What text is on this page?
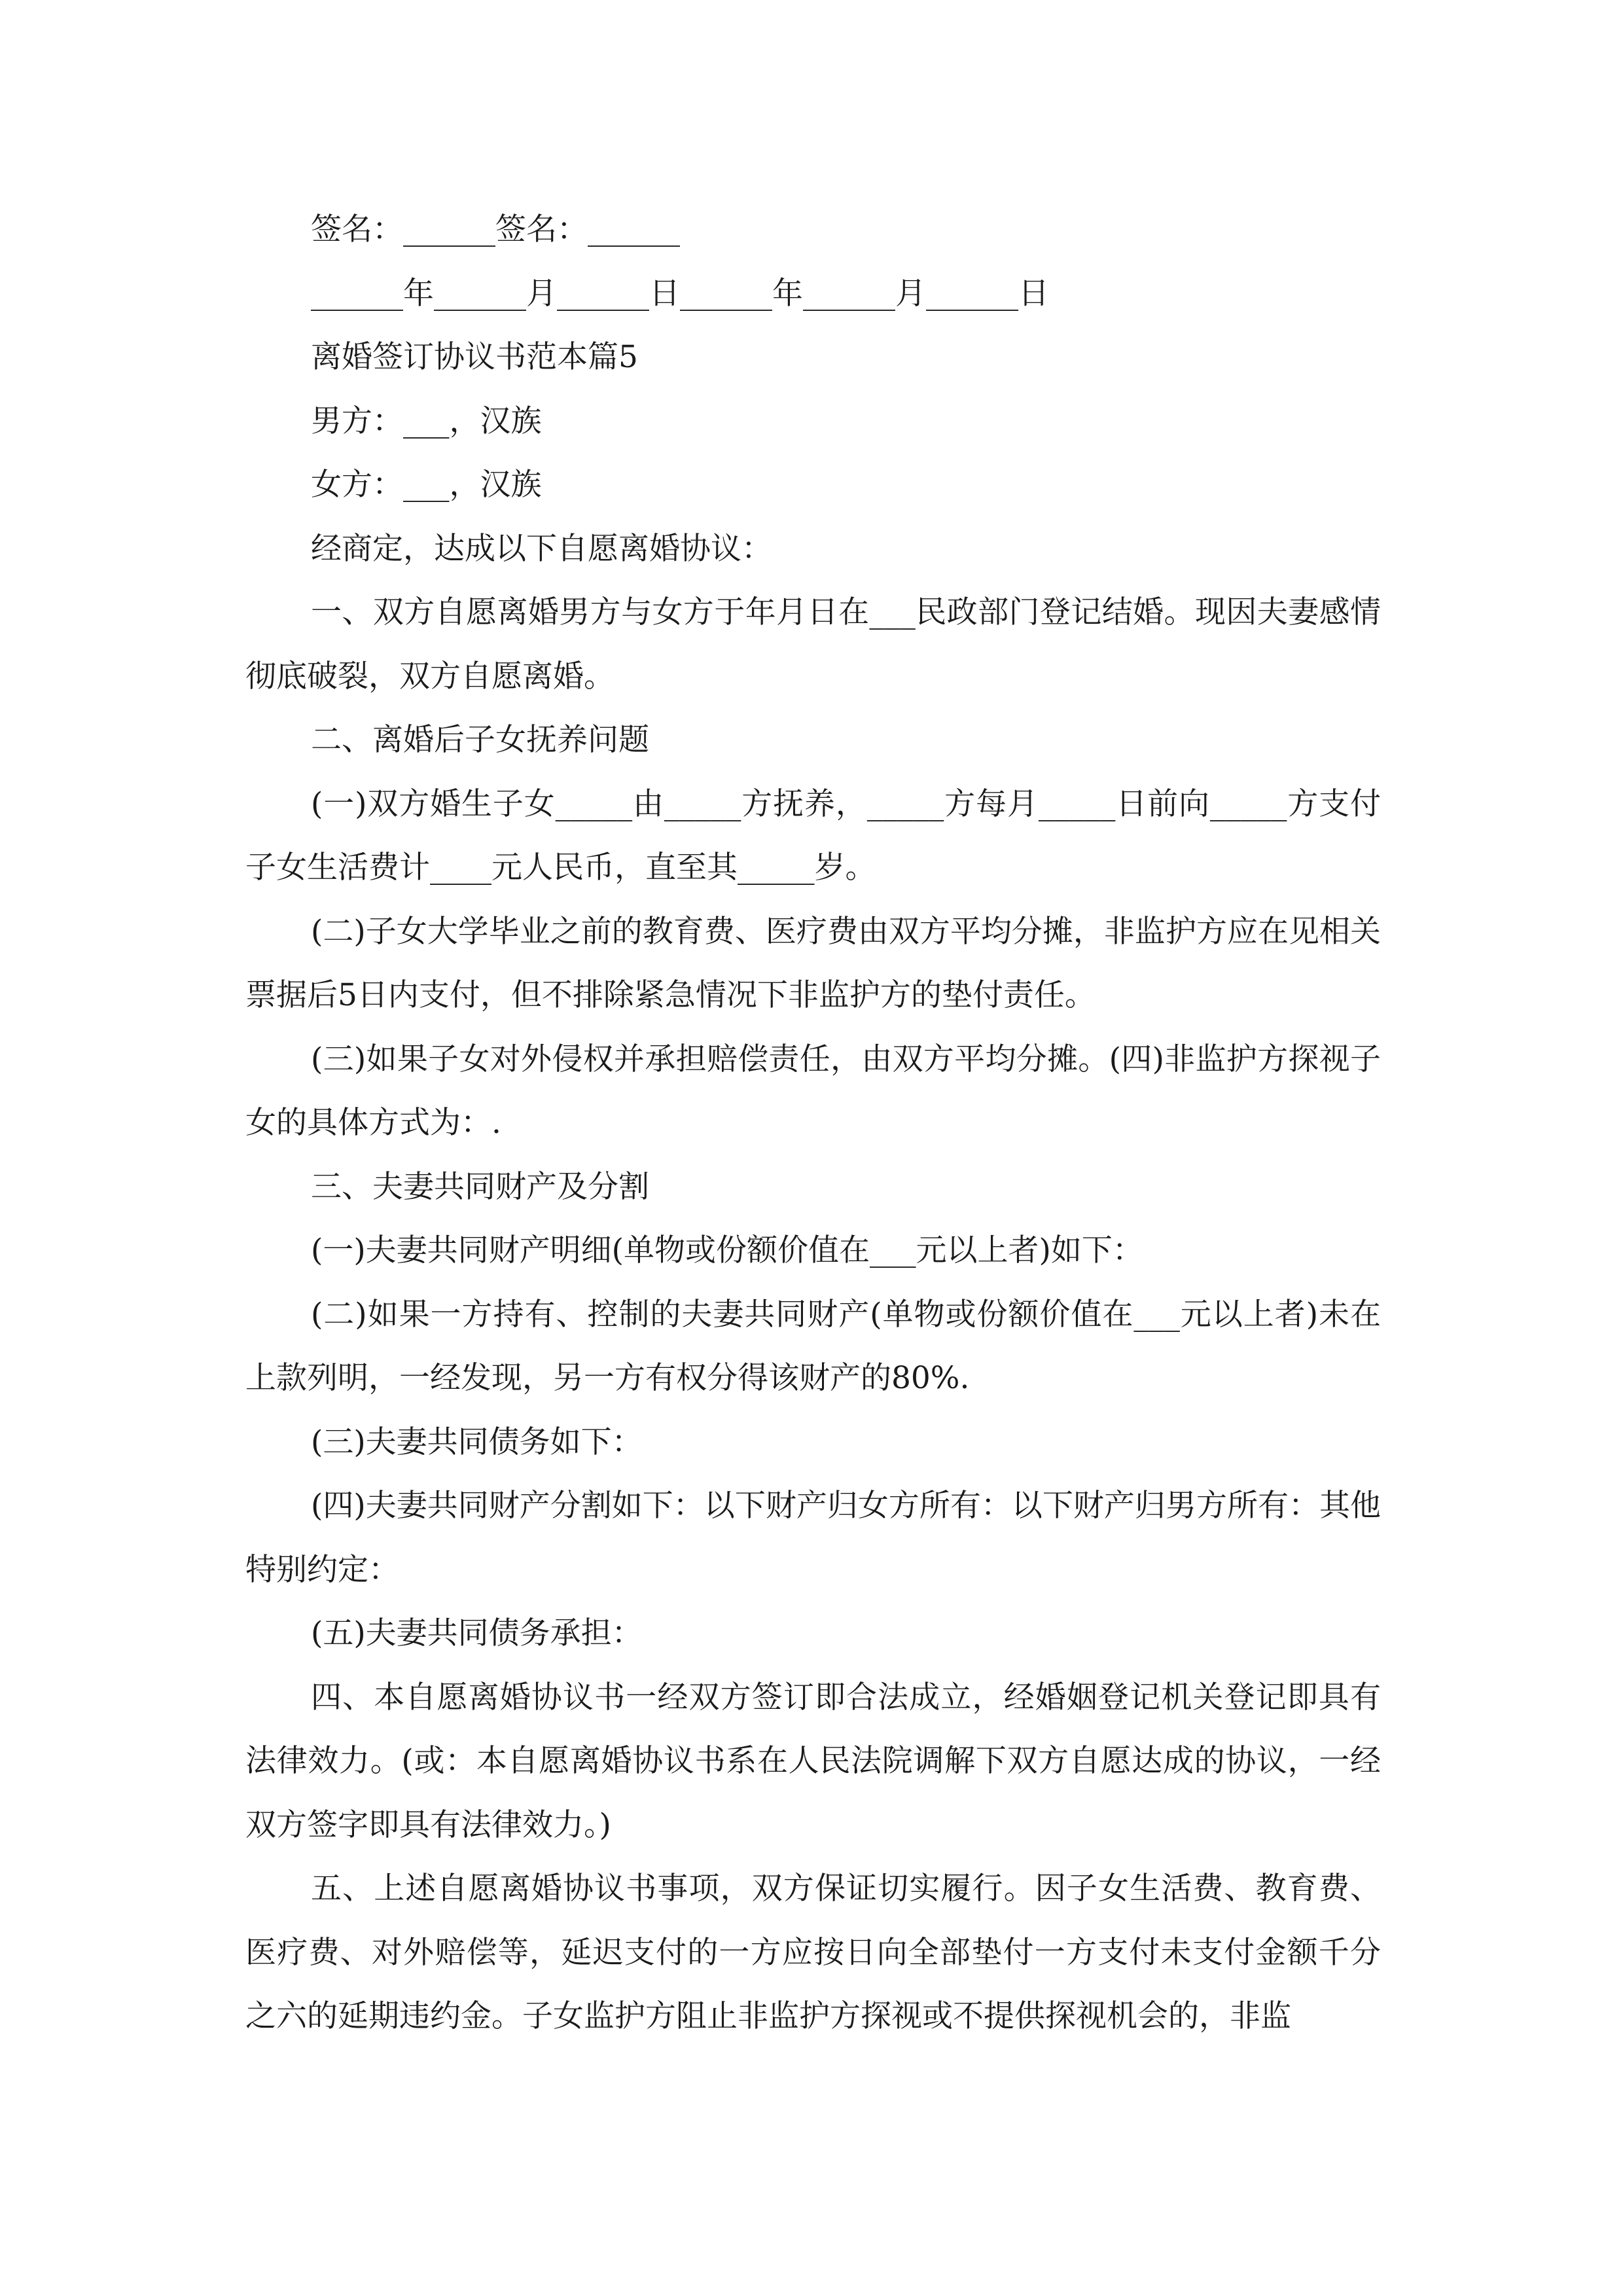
签名：______签名：______

______年______月______日______年______月______日

离婚签订协议书范本篇5

男方：___，汉族

女方：___，汉族

经商定，达成以下自愿离婚协议：

一、双方自愿离婚男方与女方于年月日在___民政部门登记结婚。现因夫妻感情彻底破裂，双方自愿离婚。

二、离婚后子女抚养问题

(一)双方婚生子女_____由_____方抚养，_____方每月_____日前向_____方支付子女生活费计____元人民币，直至其_____岁。

(二)子女大学毕业之前的教育费、医疗费由双方平均分摊，非监护方应在见相关票据后5日内支付，但不排除紧急情况下非监护方的垫付责任。

(三)如果子女对外侵权并承担赔偿责任，由双方平均分摊。(四)非监护方探视子女的具体方式为：.

三、夫妻共同财产及分割

(一)夫妻共同财产明细(单物或份额价值在___元以上者)如下：

(二)如果一方持有、控制的夫妻共同财产(单物或份额价值在___元以上者)未在上款列明，一经发现，另一方有权分得该财产的80%.

(三)夫妻共同债务如下：

(四)夫妻共同财产分割如下：以下财产归女方所有：以下财产归男方所有：其他特别约定：

(五)夫妻共同债务承担：

四、本自愿离婚协议书一经双方签订即合法成立，经婚姻登记机关登记即具有法律效力。(或：本自愿离婚协议书系在人民法院调解下双方自愿达成的协议，一经双方签字即具有法律效力。)

五、上述自愿离婚协议书事项，双方保证切实履行。因子女生活费、教育费、医疗费、对外赔偿等，延迟支付的一方应按日向全部垫付一方支付未支付金额千分之六的延期违约金。子女监护方阻止非监护方探视或不提供探视机会的，非监
